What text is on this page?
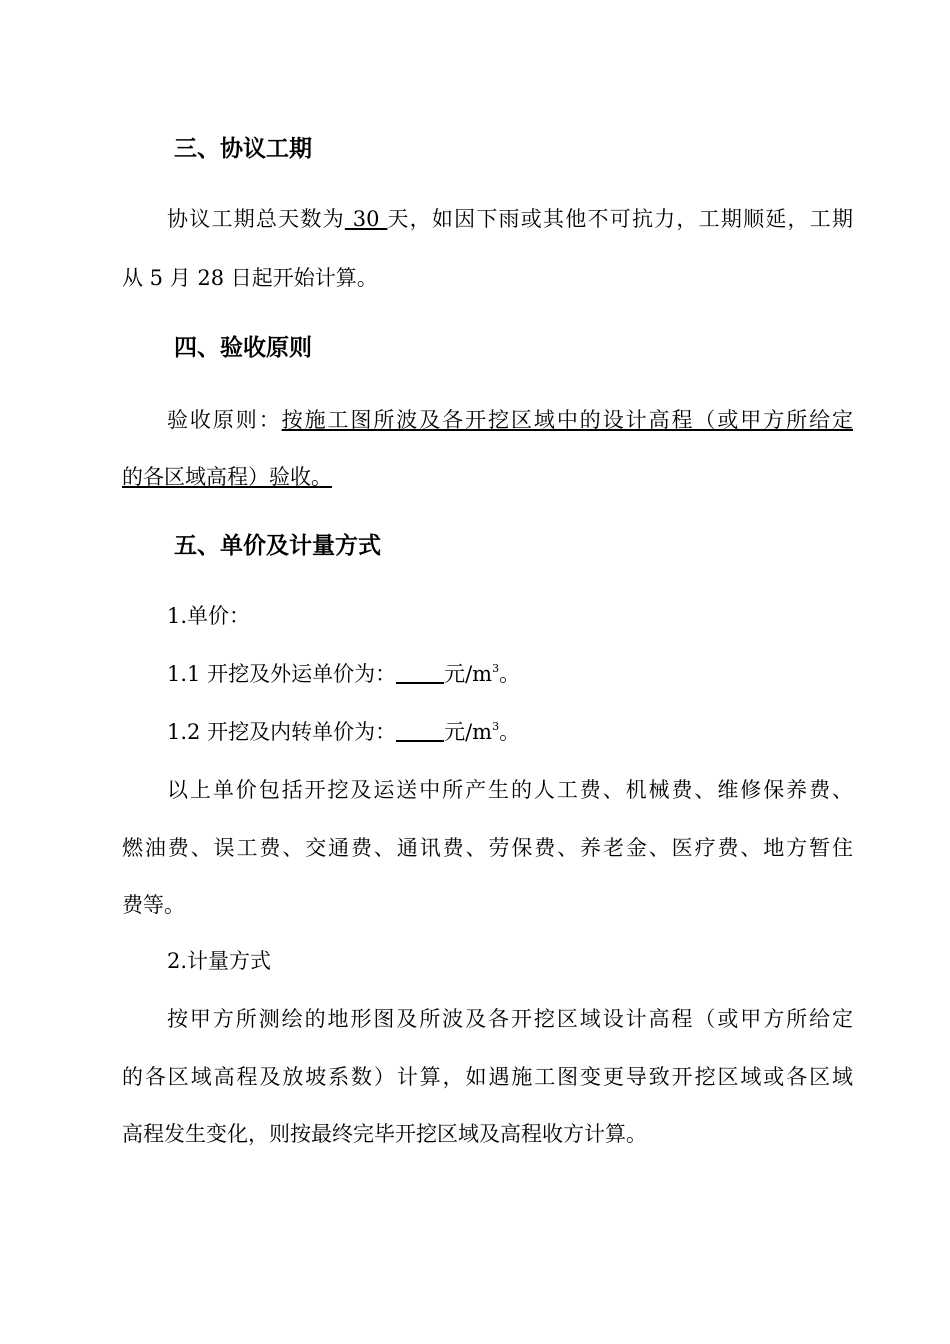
三、协议工期
协议工期总天数为 30 天，如因下雨或其他不可抗力，工期顺延，工期
从 5 月 28 日起开始计算。
四、验收原则
验收原则：按施工图所波及各开挖区域中的设计高程（或甲方所给定
的各区域高程）验收。
五、单价及计量方式
1.单价：
1.1 开挖及外运单价为： 元$/m^3$。
1.2 开挖及内转单价为： 元$/m^3$。
以上单价包括开挖及运送中所产生的人工费、机械费、维修保养费、
燃油费、误工费、交通费、通讯费、劳保费、养老金、医疗费、地方暂住
费等。
2.计量方式
按甲方所测绘的地形图及所波及各开挖区域设计高程（或甲方所给定
的各区域高程及放坡系数）计算，如遇施工图变更导致开挖区域或各区域
高程发生变化，则按最终完毕开挖区域及高程收方计算。
